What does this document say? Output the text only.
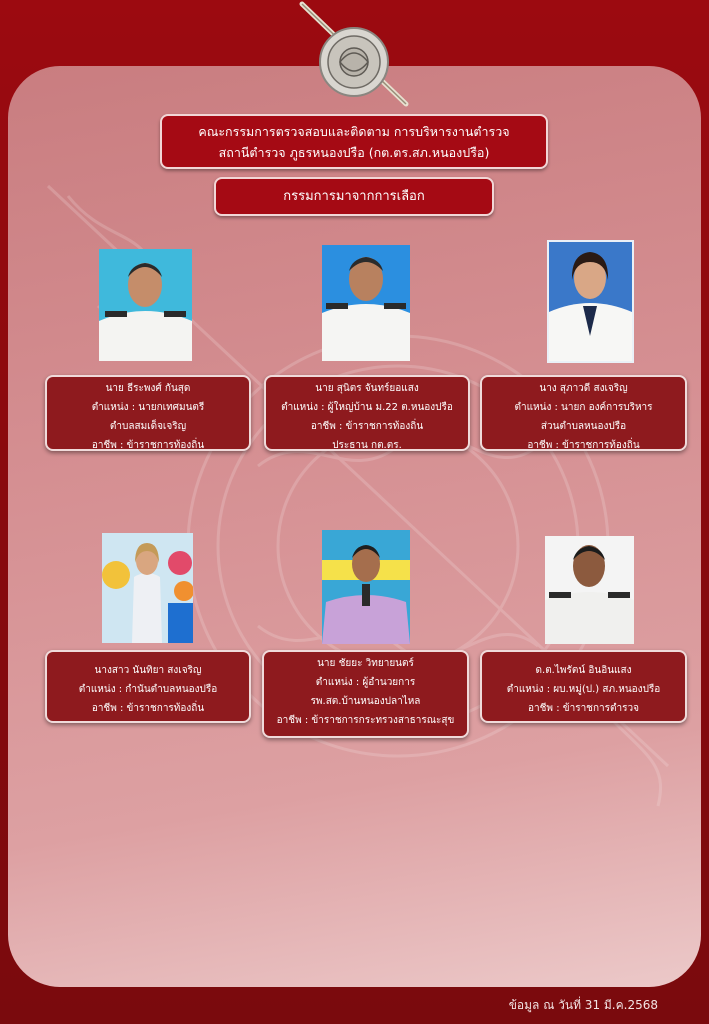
คณะกรรมการตรวจสอบและติดตาม การบริหารงานตำรวจ
สถานีตำรวจ ภูธรหนองปรือ (กต.ตร.สภ.หนองปรือ)
กรรมการมาจากการเลือก
นาย ธีระพงศ์ กันสุด
ตำแหน่ง : นายกเทศมนตรี
ตำบลสมเด็จเจริญ
อาชีพ : ข้าราชการท้องถิ่น
นาย สุนิตร จันทร์ยอแสง
ตำแหน่ง : ผู้ใหญ่บ้าน ม.22 ต.หนองปรือ
อาชีพ : ข้าราชการท้องถิ่น
ประธาน กต.ตร.
นาง สุภาวดี สงเจริญ
ตำแหน่ง : นายก องค์การบริหาร
ส่วนตำบลหนองปรือ
อาชีพ : ข้าราชการท้องถิ่น
นางสาว นันทิยา สงเจริญ
ตำแหน่ง : กำนันตำบลหนองปรือ
อาชีพ : ข้าราชการท้องถิ่น
นาย ชัยยะ วิทยายนตร์
ตำแหน่ง : ผู้อำนวยการ
รพ.สต.บ้านหนองปลาไหล
อาชีพ : ข้าราชการกระทรวงสาธารณะสุข
ด.ต.ไพรัตน์ อินอินแสง
ตำแหน่ง : ผบ.หมู่(ป.) สภ.หนองปรือ
อาชีพ : ข้าราชการตำรวจ
ข้อมูล ณ วันที่ 31 มี.ค.2568
